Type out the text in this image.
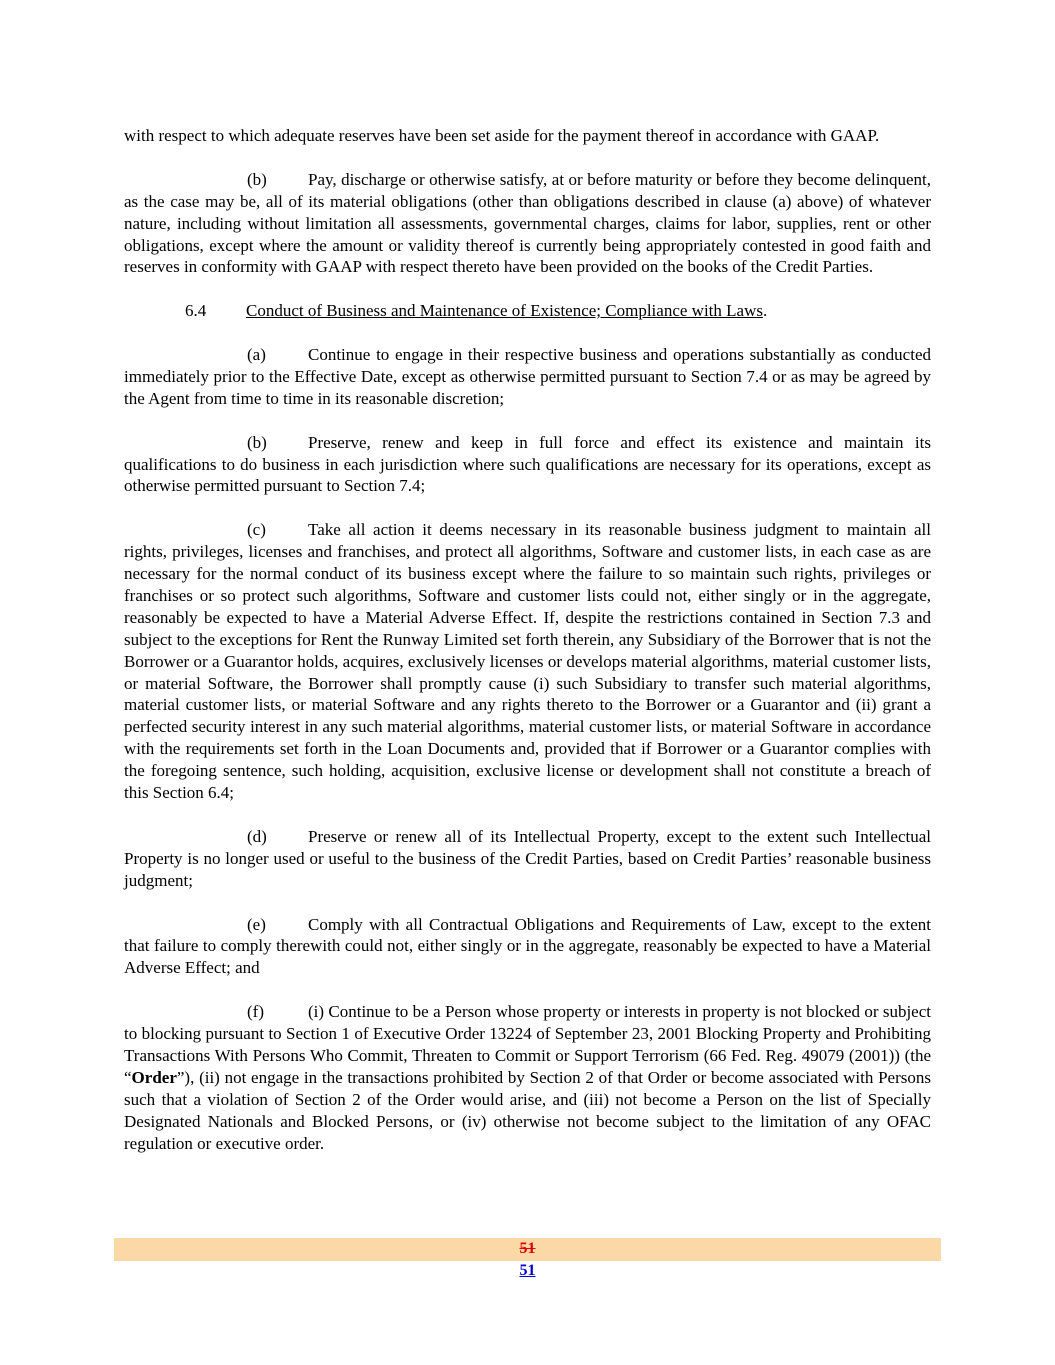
with respect to which adequate reserves have been set aside for the payment thereof in accordance with GAAP.

(b) Pay, discharge or otherwise satisfy, at or before maturity or before they become delinquent, as the case may be, all of its material obligations (other than obligations described in clause (a) above) of whatever nature, including without limitation all assessments, governmental charges, claims for labor, supplies, rent or other obligations, except where the amount or validity thereof is currently being appropriately contested in good faith and reserves in conformity with GAAP with respect thereto have been provided on the books of the Credit Parties.

6.4 Conduct of Business and Maintenance of Existence; Compliance with Laws.

(a) Continue to engage in their respective business and operations substantially as conducted immediately prior to the Effective Date, except as otherwise permitted pursuant to Section 7.4 or as may be agreed by the Agent from time to time in its reasonable discretion;

(b) Preserve, renew and keep in full force and effect its existence and maintain its qualifications to do business in each jurisdiction where such qualifications are necessary for its operations, except as otherwise permitted pursuant to Section 7.4;

(c) Take all action it deems necessary in its reasonable business judgment to maintain all rights, privileges, licenses and franchises, and protect all algorithms, Software and customer lists, in each case as are necessary for the normal conduct of its business except where the failure to so maintain such rights, privileges or franchises or so protect such algorithms, Software and customer lists could not, either singly or in the aggregate, reasonably be expected to have a Material Adverse Effect. If, despite the restrictions contained in Section 7.3 and subject to the exceptions for Rent the Runway Limited set forth therein, any Subsidiary of the Borrower that is not the Borrower or a Guarantor holds, acquires, exclusively licenses or develops material algorithms, material customer lists, or material Software, the Borrower shall promptly cause (i) such Subsidiary to transfer such material algorithms, material customer lists, or material Software and any rights thereto to the Borrower or a Guarantor and (ii) grant a perfected security interest in any such material algorithms, material customer lists, or material Software in accordance with the requirements set forth in the Loan Documents and, provided that if Borrower or a Guarantor complies with the foregoing sentence, such holding, acquisition, exclusive license or development shall not constitute a breach of this Section 6.4;

(d) Preserve or renew all of its Intellectual Property, except to the extent such Intellectual Property is no longer used or useful to the business of the Credit Parties, based on Credit Parties’ reasonable business judgment;

(e) Comply with all Contractual Obligations and Requirements of Law, except to the extent that failure to comply therewith could not, either singly or in the aggregate, reasonably be expected to have a Material Adverse Effect; and

(f)	(i) Continue to be a Person whose property or interests in property is not blocked or subject to blocking pursuant to Section 1 of Executive Order 13224 of September 23, 2001 Blocking Property and Prohibiting Transactions With Persons Who Commit, Threaten to Commit or Support Terrorism (66 Fed. Reg. 49079 (2001)) (the “Order”), (ii) not engage in the transactions prohibited by Section 2 of that Order or become associated with Persons such that a violation of Section 2 of the Order would arise, and (iii) not become a Person on the list of Specially Designated Nationals and Blocked Persons, or (iv) otherwise not become subject to the limitation of any OFAC regulation or executive order.

51
51
